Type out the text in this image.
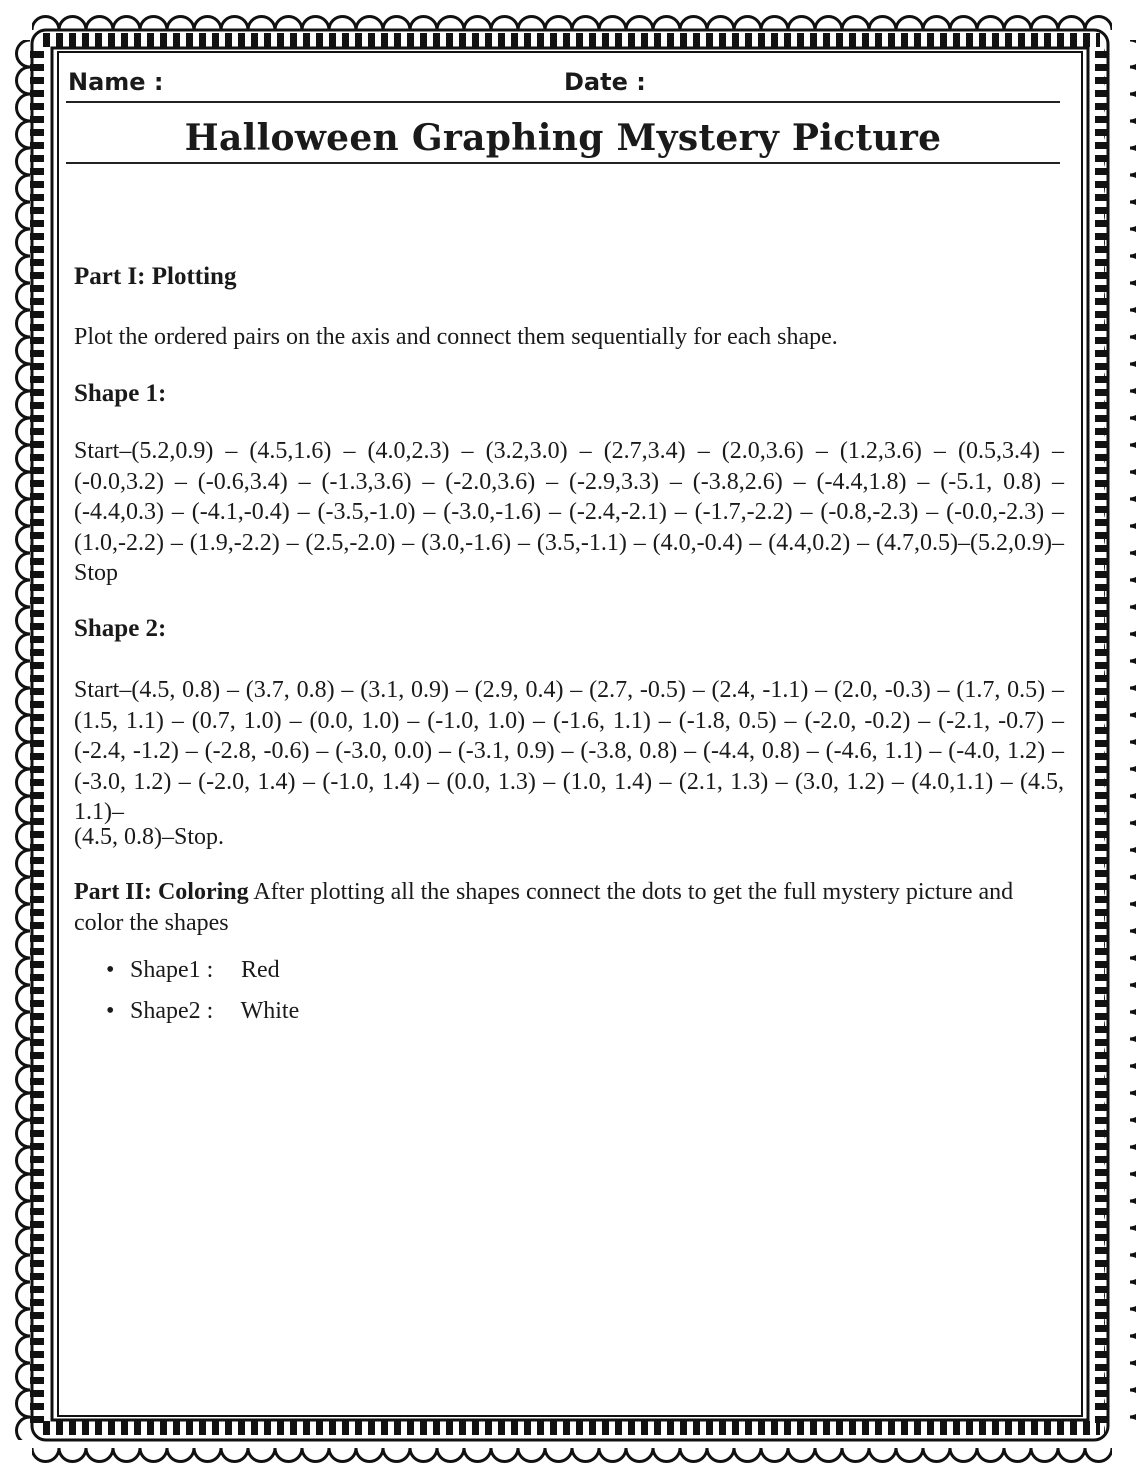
Name :	Date :
Halloween Graphing Mystery Picture
Part I: Plotting
Plot the ordered pairs on the axis and connect them sequentially for each shape.
Shape 1:
Start–(5.2,0.9) – (4.5,1.6) – (4.0,2.3) – (3.2,3.0) – (2.7,3.4) – (2.0,3.6) – (1.2,3.6) – (0.5,3.4) – (-0.0,3.2) – (-0.6,3.4) – (-1.3,3.6) – (-2.0,3.6) – (-2.9,3.3) – (-3.8,2.6) – (-4.4,1.8) – (-5.1, 0.8) – (-4.4,0.3) – (-4.1,-0.4) – (-3.5,-1.0) – (-3.0,-1.6) – (-2.4,-2.1) – (-1.7,-2.2) – (-0.8,-2.3) – (-0.0,-2.3) – (1.0,-2.2) – (1.9,-2.2) – (2.5,-2.0) – (3.0,-1.6) – (3.5,-1.1) – (4.0,-0.4) – (4.4,0.2) – (4.7,0.5)–(5.2,0.9)–Stop
Shape 2:
Start–(4.5, 0.8) – (3.7, 0.8) – (3.1, 0.9) – (2.9, 0.4) – (2.7, -0.5) – (2.4, -1.1) – (2.0, -0.3) – (1.7, 0.5) – (1.5, 1.1) – (0.7, 1.0) – (0.0, 1.0) – (-1.0, 1.0) – (-1.6, 1.1) – (-1.8, 0.5) – (-2.0, -0.2) – (-2.1, -0.7) – (-2.4, -1.2) – (-2.8, -0.6) – (-3.0, 0.0) – (-3.1, 0.9) – (-3.8, 0.8) – (-4.4, 0.8) – (-4.6, 1.1) – (-4.0, 1.2) – (-3.0, 1.2) – (-2.0, 1.4) – (-1.0, 1.4) – (0.0, 1.3) – (1.0, 1.4) – (2.1, 1.3) – (3.0, 1.2) – (4.0,1.1) – (4.5, 1.1)–
(4.5, 0.8)–Stop.
Part II: Coloring After plotting all the shapes connect the dots to get the full mystery picture and color the shapes
• Shape1 : Red
• Shape2 : White
